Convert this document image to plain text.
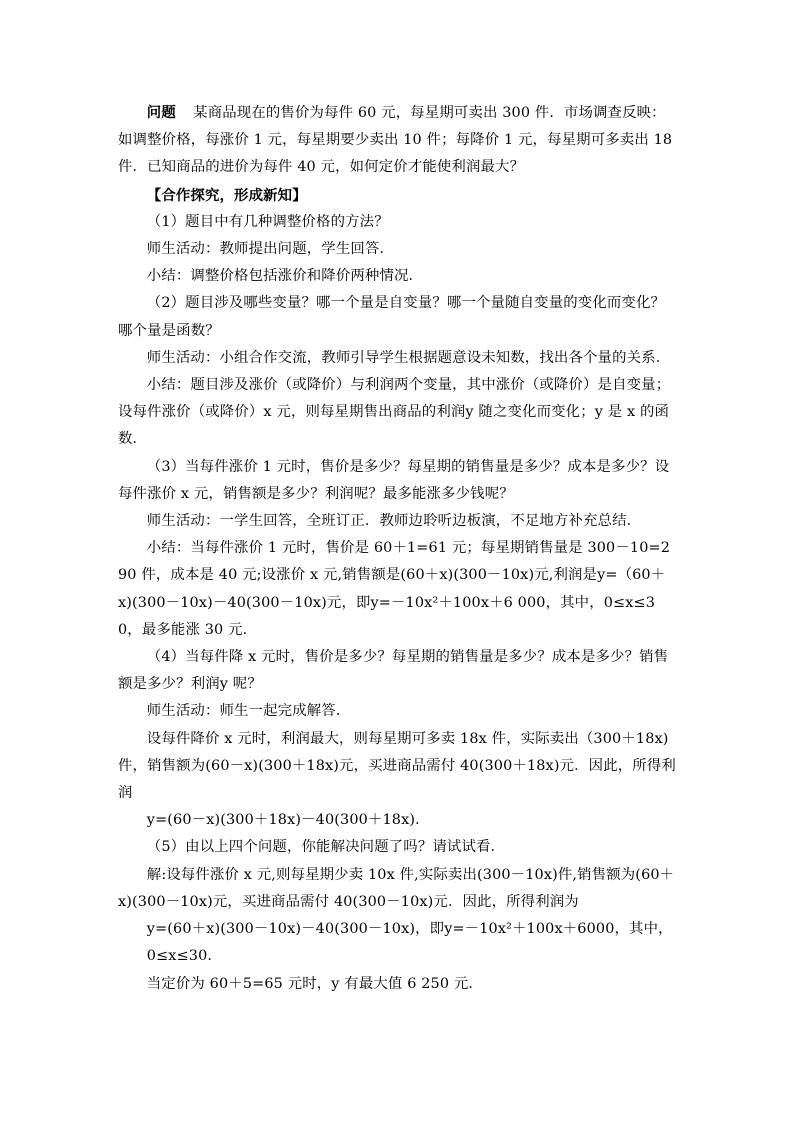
问题 某商品现在的售价为每件 60 元，每星期可卖出 300 件．市场调查反映：如调整价格，每涨价 1 元，每星期要少卖出 10 件；每降价 1 元，每星期可多卖出 18 件．已知商品的进价为每件 40 元，如何定价才能使利润最大？

【合作探究，形成新知】

（1）题目中有几种调整价格的方法？

师生活动：教师提出问题，学生回答．

小结：调整价格包括涨价和降价两种情况．

（2）题目涉及哪些变量？哪一个量是自变量？哪一个量随自变量的变化而变化？哪个量是函数？

师生活动：小组合作交流，教师引导学生根据题意设未知数，找出各个量的关系．

小结：题目涉及涨价（或降价）与利润两个变量，其中涨价（或降价）是自变量；设每件涨价（或降价）x 元，则每星期售出商品的利润y 随之变化而变化；y 是 x 的函数．

（3）当每件涨价 1 元时，售价是多少？每星期的销售量是多少？成本是多少？设每件涨价 x 元，销售额是多少？利润呢？最多能涨多少钱呢？

师生活动：一学生回答，全班订正．教师边聆听边板演，不足地方补充总结．

小结：当每件涨价 1 元时，售价是 60＋1=61 元；每星期销售量是 300－10=290 件，成本是 40 元;设涨价 x 元,销售额是(60＋x)(300－10x)元,利润是y=（60＋x)(300－10x)－40(300－10x)元，即y=－10x²＋100x＋6 000，其中，0≤x≤30，最多能涨 30 元．

（4）当每件降 x 元时，售价是多少？每星期的销售量是多少？成本是多少？销售额是多少？利润y 呢？

师生活动：师生一起完成解答．

设每件降价 x 元时，利润最大，则每星期可多卖 18x 件，实际卖出（300＋18x)件，销售额为(60－x)(300＋18x)元，买进商品需付 40(300＋18x)元．因此，所得利润

y=(60－x)(300＋18x)－40(300＋18x)．

（5）由以上四个问题，你能解决问题了吗？请试试看．

解:设每件涨价 x 元,则每星期少卖 10x 件,实际卖出(300－10x)件,销售额为(60＋x)(300－10x)元，买进商品需付 40(300－10x)元．因此，所得利润为

y=(60＋x)(300－10x)－40(300－10x)，即y=－10x²＋100x＋6000，其中，0≤x≤30．

当定价为 60＋5=65 元时，y 有最大值 6 250 元．
